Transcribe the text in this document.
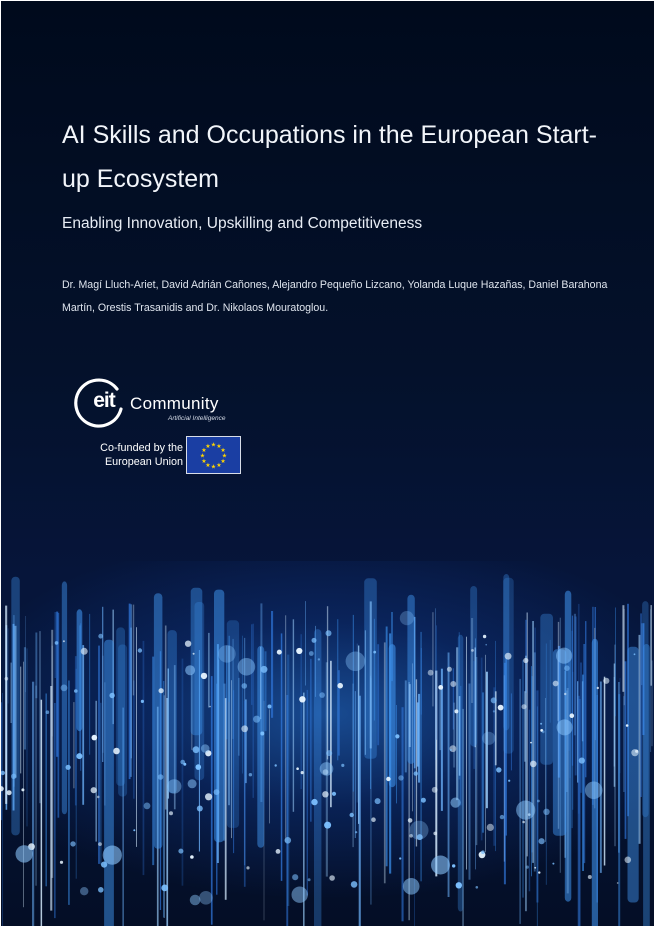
AI Skills and Occupations in the European Start-up Ecosystem

Enabling Innovation, Upskilling and Competitiveness

Dr. Magí Lluch-Ariet, David Adrián Cañones, Alejandro Pequeño Lizcano, Yolanda Luque Hazañas, Daniel Barahona Martín, Orestis Trasanidis and Dr. Nikolaos Mouratoglou.

eit Community
Artificial Intelligence
Co-funded by the European Union
★ ★
★
★
★
★
★
★
★
★
★
★
